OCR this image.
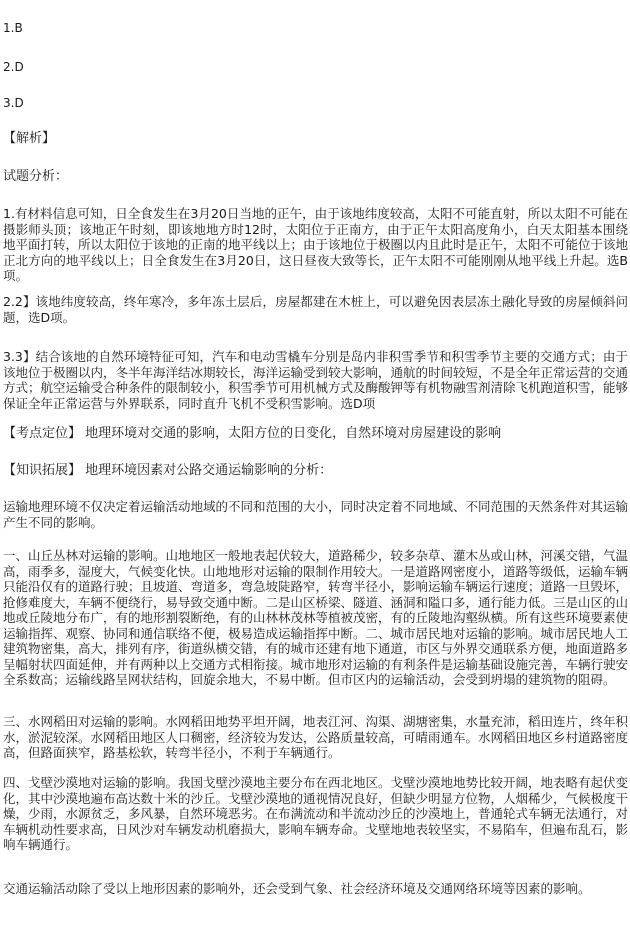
1.B
2.D
3.D
【解析】
试题分析：
1.有材料信息可知，日全食发生在3月20日当地的正午，由于该地纬度较高，太阳不可能直射，所以太阳不可能在摄影师头顶；该地正午时刻，即该地地方时12时，太阳位于正南方，由于正午太阳高度角小，白天太阳基本围绕地平面打转，所以太阳位于该地的正南的地平线以上；由于该地位于极圈以内且此时是正午，太阳不可能位于该地正北方向的地平线以上；日全食发生在3月20日，这日昼夜大致等长，正午太阳不可能刚刚从地平线上升起。选B项。
2.2】该地纬度较高，终年寒冷，多年冻土层后，房屋都建在木桩上，可以避免因表层冻土融化导致的房屋倾斜问题，选D项。
3.3】结合该地的自然环境特征可知，汽车和电动雪橇车分别是岛内非积雪季节和积雪季节主要的交通方式；由于该地位于极圈以内，冬半年海洋结冰期较长，海洋运输受到较大影响，通航的时间较短，不是全年正常运营的交通方式；航空运输受合种条件的限制较小，积雪季节可用机械方式及酶酸钾等有机物融雪剂清除飞机跑道积雪，能够保证全年正常运营与外界联系，同时直升飞机不受积雪影响。选D项
【考点定位】 地理环境对交通的影响，太阳方位的日变化，自然环境对房屋建设的影响
【知识拓展】 地理环境因素对公路交通运输影响的分析：
运输地理环境不仅决定着运输活动地域的不同和范围的大小，同时决定着不同地域、不同范围的天然条件对其运输产生不同的影响。
一、山丘丛林对运输的影响。山地地区一般地表起伏较大，道路稀少，较多杂草、灌木丛或山林，河溪交错，气温高，雨季多，湿度大，气候变化快。山地地形对运输的限制作用较大。一是道路网密度小，道路等级低，运输车辆只能沿仅有的道路行驶；且坡道、弯道多，弯急坡陡路窄，转弯半径小，影响运输车辆运行速度；道路一旦毁坏，抢修难度大，车辆不便绕行，易导致交通中断。二是山区桥梁、隧道、涵洞和隘口多，通行能力低。三是山区的山地或丘陵地分布广，有的地形割裂断绝，有的山林林茂林等植被茂密，有的丘陵地沟壑纵横。所有这些环境要素使运输指挥、观察、协同和通信联络不便，极易造成运输指挥中断。二、城市居民地对运输的影响。城市居民地人工建筑物密集，高大，排列有序，街道纵横交错，有的城市还建有地下通道，市区与外界交通联系方便，地面道路多呈幅射状四面延伸，并有两种以上交通方式相衔接。城市地形对运输的有利条件是运输基础设施完善，车辆行驶安全系数高；运输线路呈网状结构，回旋余地大，不易中断。但市区内的运输活动，会受到坍塌的建筑物的阻碍。
三、水网稻田对运输的影响。水网稻田地势平坦开阔，地表江河、沟渠、湖塘密集，水量充沛，稻田连片，终年积水，淤泥较深。水网稻田地区人口稠密，经济较为发达，公路质量较高，可晴雨通车。水网稻田地区乡村道路密度高，但路面狭窄，路基松软，转弯半径小，不利于车辆通行。
四、戈壁沙漠地对运输的影响。我国戈壁沙漠地主要分布在西北地区。戈壁沙漠地地势比较开阔，地表略有起伏变化，其中沙漠地遍布高达数十米的沙丘。戈壁沙漠地的通视情况良好，但缺少明显方位物，人烟稀少，气候极度干燥，少雨，水源贫乏，多风暴，自然环境恶劣。在布满流动和半流动沙丘的沙漠地上，普通轮式车辆无法通行，对车辆机动性要求高，日风沙对车辆发动机磨损大，影响车辆寿命。戈壁地地表较坚实，不易陷车，但遍布乱石，影响车辆通行。
交通运输活动除了受以上地形因素的影响外，还会受到气象、社会经济环境及交通网络环境等因素的影响。
